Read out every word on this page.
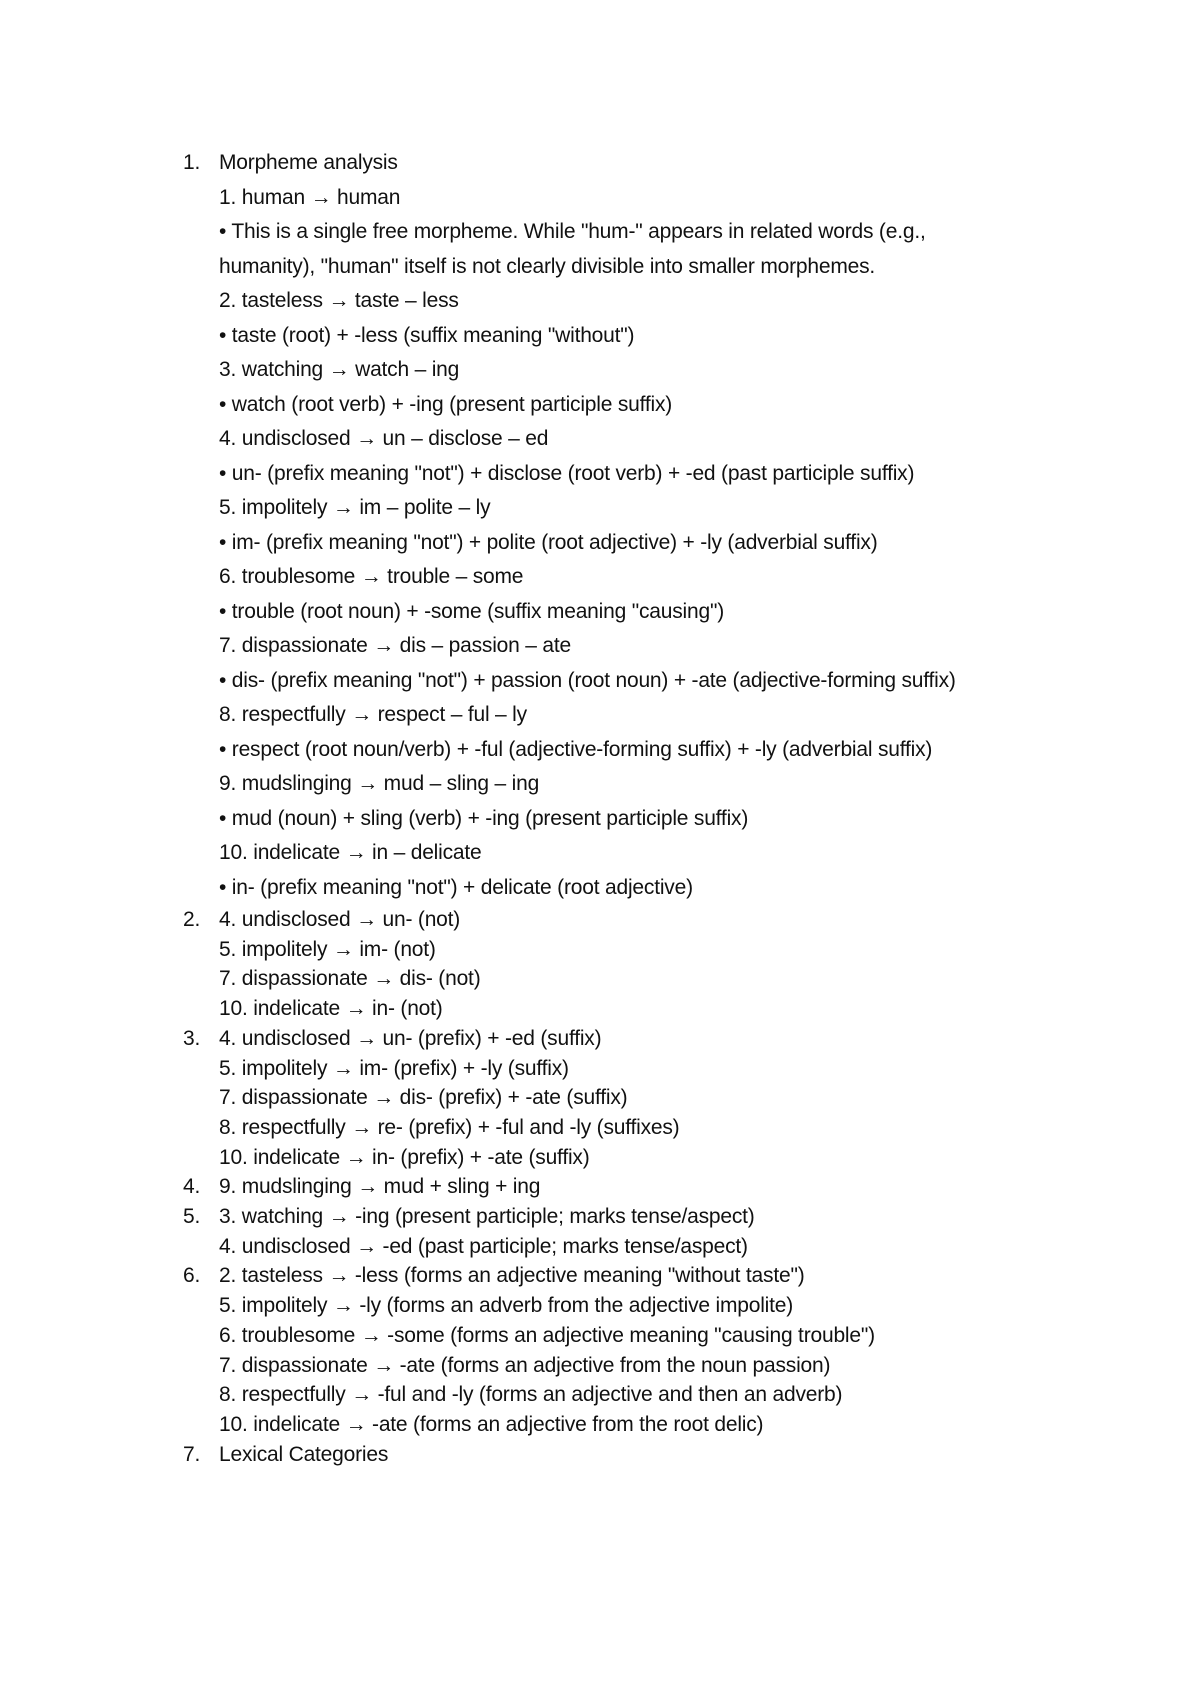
1. Morpheme analysis
1. human → human
• This is a single free morpheme. While "hum-" appears in related words (e.g.,
humanity), "human" itself is not clearly divisible into smaller morphemes.
2. tasteless → taste – less
• taste (root) + -less (suffix meaning "without")
3. watching → watch – ing
• watch (root verb) + -ing (present participle suffix)
4. undisclosed → un – disclose – ed
• un- (prefix meaning "not") + disclose (root verb) + -ed (past participle suffix)
5. impolitely → im – polite – ly
• im- (prefix meaning "not") + polite (root adjective) + -ly (adverbial suffix)
6. troublesome → trouble – some
• trouble (root noun) + -some (suffix meaning "causing")
7. dispassionate → dis – passion – ate
• dis- (prefix meaning "not") + passion (root noun) + -ate (adjective-forming suffix)
8. respectfully → respect – ful – ly
• respect (root noun/verb) + -ful (adjective-forming suffix) + -ly (adverbial suffix)
9. mudslinging → mud – sling – ing
• mud (noun) + sling (verb) + -ing (present participle suffix)
10. indelicate → in – delicate
• in- (prefix meaning "not") + delicate (root adjective)
2. 4. undisclosed → un- (not)
5. impolitely → im- (not)
7. dispassionate → dis- (not)
10. indelicate → in- (not)
3. 4. undisclosed → un- (prefix) + -ed (suffix)
5. impolitely → im- (prefix) + -ly (suffix)
7. dispassionate → dis- (prefix) + -ate (suffix)
8. respectfully → re- (prefix) + -ful and -ly (suffixes)
10. indelicate → in- (prefix) + -ate (suffix)
4. 9. mudslinging → mud + sling + ing
5. 3. watching → -ing (present participle; marks tense/aspect)
4. undisclosed → -ed (past participle; marks tense/aspect)
6. 2. tasteless → -less (forms an adjective meaning "without taste")
5. impolitely → -ly (forms an adverb from the adjective impolite)
6. troublesome → -some (forms an adjective meaning "causing trouble")
7. dispassionate → -ate (forms an adjective from the noun passion)
8. respectfully → -ful and -ly (forms an adjective and then an adverb)
10. indelicate → -ate (forms an adjective from the root delic)
7. Lexical Categories
